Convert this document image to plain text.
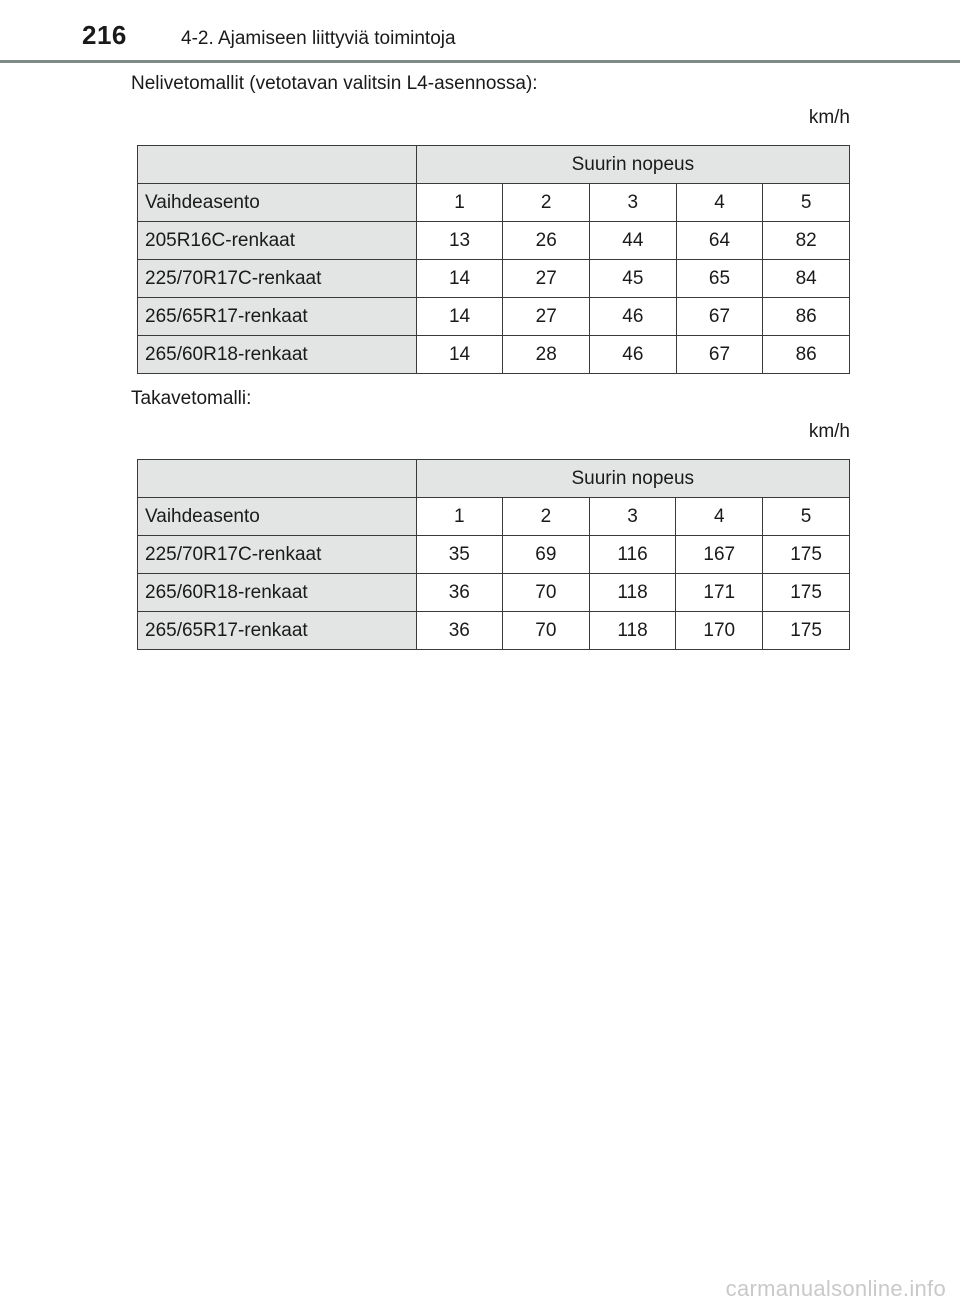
216	4-2. Ajamiseen liittyviä toimintoja
Nelivetomallit (vetotavan valitsin L4-asennossa):
km/h
	Suurin nopeus				
Vaihdeasento	1	2	3	4	5
205R16C-renkaat	13	26	44	64	82
225/70R17C-renkaat	14	27	45	65	84
265/65R17-renkaat	14	27	46	67	86
265/60R18-renkaat	14	28	46	67	86
Takavetomalli:
km/h
	Suurin nopeus				
Vaihdeasento	1	2	3	4	5
225/70R17C-renkaat	35	69	116	167	175
265/60R18-renkaat	36	70	118	171	175
265/65R17-renkaat	36	70	118	170	175
carmanualsonline.info
